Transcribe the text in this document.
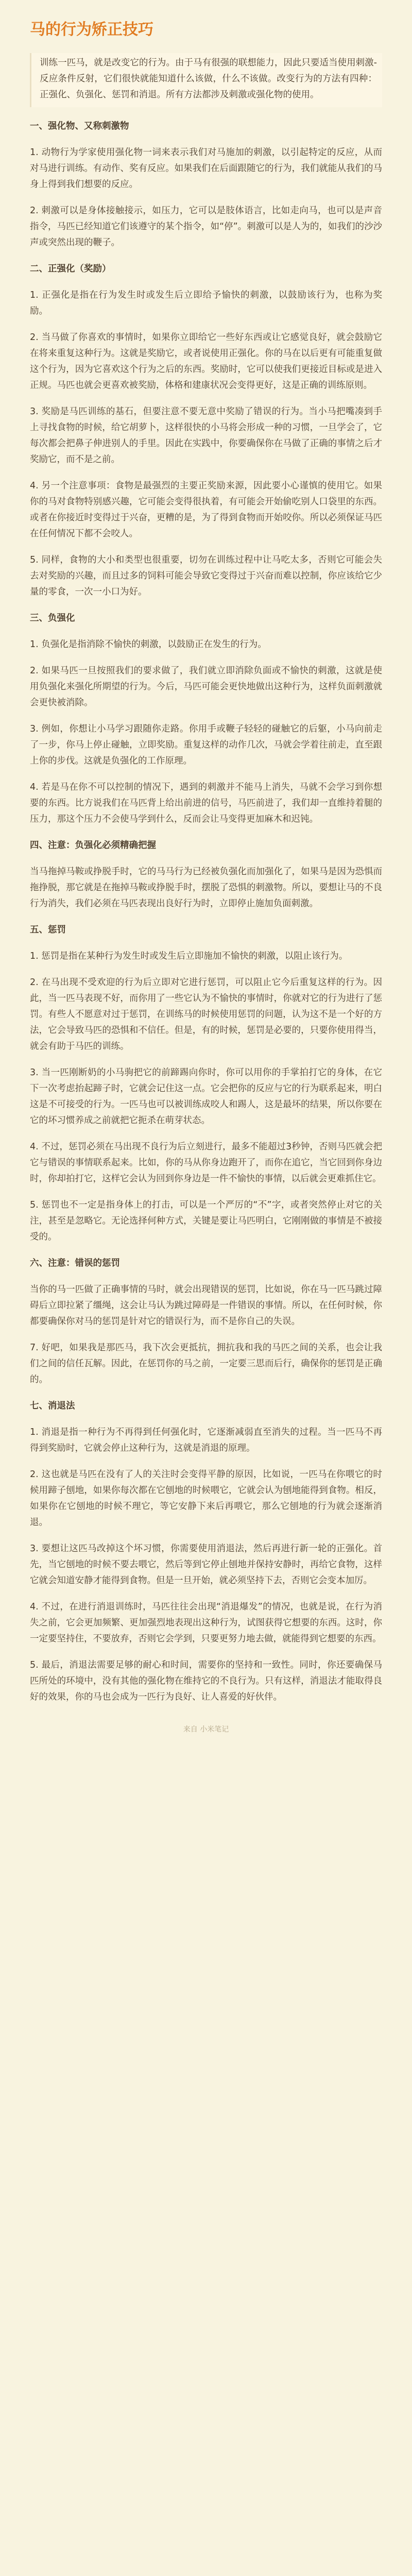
马的行为矫正技巧

训练一匹马，就是改变它的行为。由于马有很强的联想能力，因此只要适当使用刺激-反应条件反射，它们很快就能知道什么该做，什么不该做。改变行为的方法有四种：正强化、负强化、惩罚和消退。所有方法都涉及刺激或强化物的使用。

一、强化物、又称刺激物

1. 动物行为学家使用强化物一词来表示我们对马施加的刺激，以引起特定的反应，从而对马进行训练。有动作、奖有反应。如果我们在后面跟随它的行为，我们就能从我们的马身上得到我们想要的反应。

2. 刺激可以是身体接触接示，如压力，它可以是肢体语言，比如走向马，也可以是声音指令，马匹已经知道它们该遵守的某个指令，如“停”。刺激可以是人为的，如我们的沙沙声或突然出现的鞭子。

二、正强化（奖励）

1. 正强化是指在行为发生时或发生后立即给予愉快的刺激，以鼓励该行为，也称为奖励。

2. 当马做了你喜欢的事情时，如果你立即给它一些好东西或让它感觉良好，就会鼓励它在将来重复这种行为。这就是奖励它，或者说使用正强化。你的马在以后更有可能重复做这个行为，因为它喜欢这个行为之后的东西。奖励时，它可以使我们更接近目标或是进入正规。马匹也就会更喜欢被奖励，体格和建康状况会变得更好，这是正确的训练原则。

3. 奖励是马匹训练的基石，但要注意不要无意中奖励了错误的行为。当小马把嘴凑到手上寻找食物的时候，给它胡萝卜，这样很快的小马将会形成一种的习惯，一旦学会了，它每次都会把鼻子伸进别人的手里。因此在实践中，你要确保你在马做了正确的事情之后才奖励它，而不是之前。

4. 另一个注意事项：食物是最强烈的主要正奖励来源，因此要小心谨慎的使用它。如果你的马对食物特别感兴趣，它可能会变得很执着，有可能会开始偷吃别人口袋里的东西。或者在你接近时变得过于兴奋，更糟的是，为了得到食物而开始咬你。所以必须保证马匹在任何情况下都不会咬人。

5. 同样，食物的大小和类型也很重要，切勿在训练过程中让马吃太多，否则它可能会失去对奖励的兴趣，而且过多的饲料可能会导致它变得过于兴奋而难以控制，你应该给它少量的零食，一次一小口为好。

三、负强化

1. 负强化是指消除不愉快的刺激，以鼓励正在发生的行为。

2. 如果马匹一旦按照我们的要求做了，我们就立即消除负面或不愉快的刺激，这就是使用负强化来强化所期望的行为。今后，马匹可能会更快地做出这种行为，这样负面刺激就会更快被消除。

3. 例如，你想让小马学习跟随你走路。你用手或鞭子轻轻的碰触它的后躯，小马向前走了一步，你马上停止碰触，立即奖励。重复这样的动作几次，马就会学着往前走，直至跟上你的步伐。这就是负强化的工作原理。

4. 若是马在你不可以控制的情况下，遇到的刺激并不能马上消失，马就不会学习到你想要的东西。比方说我们在马匹背上给出前进的信号，马匹前进了，我们却一直维持着腿的压力，那这个压力不会使马学到什么，反而会让马变得更加麻木和迟钝。

四、注意：负强化必须精确把握

当马拖掉马鞍或挣脱手时，它的马马行为已经被负强化而加强化了，如果马是因为恐惧而拖挣脱，那它就是在拖掉马鞍或挣脱手时，摆脱了恐惧的刺激物。所以，要想让马的不良行为消失，我们必须在马匹表现出良好行为时，立即停止施加负面刺激。

五、惩罚

1. 惩罚是指在某种行为发生时或发生后立即施加不愉快的刺激，以阻止该行为。

2. 在马出现不受欢迎的行为后立即对它进行惩罚，可以阻止它今后重复这样的行为。因此，当一匹马表现不好，而你用了一些它认为不愉快的事情时，你就对它的行为进行了惩罚。有些人不愿意对过于惩罚，在训练马的时候使用惩罚的问题，认为这不是一个好的方法，它会导致马匹的恐惧和不信任。但是，有的时候，惩罚是必要的，只要你使用得当，就会有助于马匹的训练。

3. 当一匹刚断奶的小马驹把它的前蹄踢向你时，你可以用你的手掌拍打它的身体，在它下一次考虑抬起蹄子时，它就会记住这一点。它会把你的反应与它的行为联系起来，明白这是不可接受的行为。一匹马也可以被训练成咬人和踢人，这是最坏的结果，所以你要在它的坏习惯养成之前就把它扼杀在萌芽状态。

4. 不过，惩罚必须在马出现不良行为后立刻进行，最多不能超过3秒钟，否则马匹就会把它与错误的事情联系起来。比如，你的马从你身边跑开了，而你在追它，当它回到你身边时，你却拍打它，这样它会认为回到你身边是一件不愉快的事情，以后就会更难抓住它。

5. 惩罚也不一定是指身体上的打击，可以是一个严厉的“不”字，或者突然停止对它的关注，甚至是忽略它。无论选择何种方式，关键是要让马匹明白，它刚刚做的事情是不被接受的。

六、注意：错误的惩罚

当你的马一匹做了正确事情的马时，就会出现错误的惩罚，比如说，你在马一匹马跳过障碍后立即拉紧了缰绳，这会让马认为跳过障碍是一件错误的事情。所以，在任何时候，你都要确保你对马的惩罚是针对它的错误行为，而不是你自己的失误。

7. 好吧，如果我是那匹马，我下次会更抵抗，拥抗我和我的马匹之间的关系，也会让我们之间的信任瓦解。因此，在惩罚你的马之前，一定要三思而后行，确保你的惩罚是正确的。

七、消退法

1. 消退是指一种行为不再得到任何强化时，它逐渐减弱直至消失的过程。当一匹马不再得到奖励时，它就会停止这种行为，这就是消退的原理。

2. 这也就是马匹在没有了人的关注时会变得平静的原因，比如说，一匹马在你喂它的时候用蹄子刨地，如果你每次都在它刨地的时候喂它，它就会认为刨地能得到食物。相反，如果你在它刨地的时候不理它，等它安静下来后再喂它，那么它刨地的行为就会逐渐消退。

3. 要想让这匹马改掉这个坏习惯，你需要使用消退法，然后再进行新一轮的正强化。首先，当它刨地的时候不要去喂它，然后等到它停止刨地并保持安静时，再给它食物，这样它就会知道安静才能得到食物。但是一旦开始，就必须坚持下去，否则它会变本加厉。

4. 不过，在进行消退训练时，马匹往往会出现“消退爆发”的情况，也就是说，在行为消失之前，它会更加频繁、更加强烈地表现出这种行为，试图获得它想要的东西。这时，你一定要坚持住，不要放弃，否则它会学到，只要更努力地去做，就能得到它想要的东西。

5. 最后，消退法需要足够的耐心和时间，需要你的坚持和一致性。同时，你还要确保马匹所处的环境中，没有其他的强化物在维持它的不良行为。只有这样，消退法才能取得良好的效果，你的马也会成为一匹行为良好、让人喜爱的好伙伴。

来自 小米笔记
